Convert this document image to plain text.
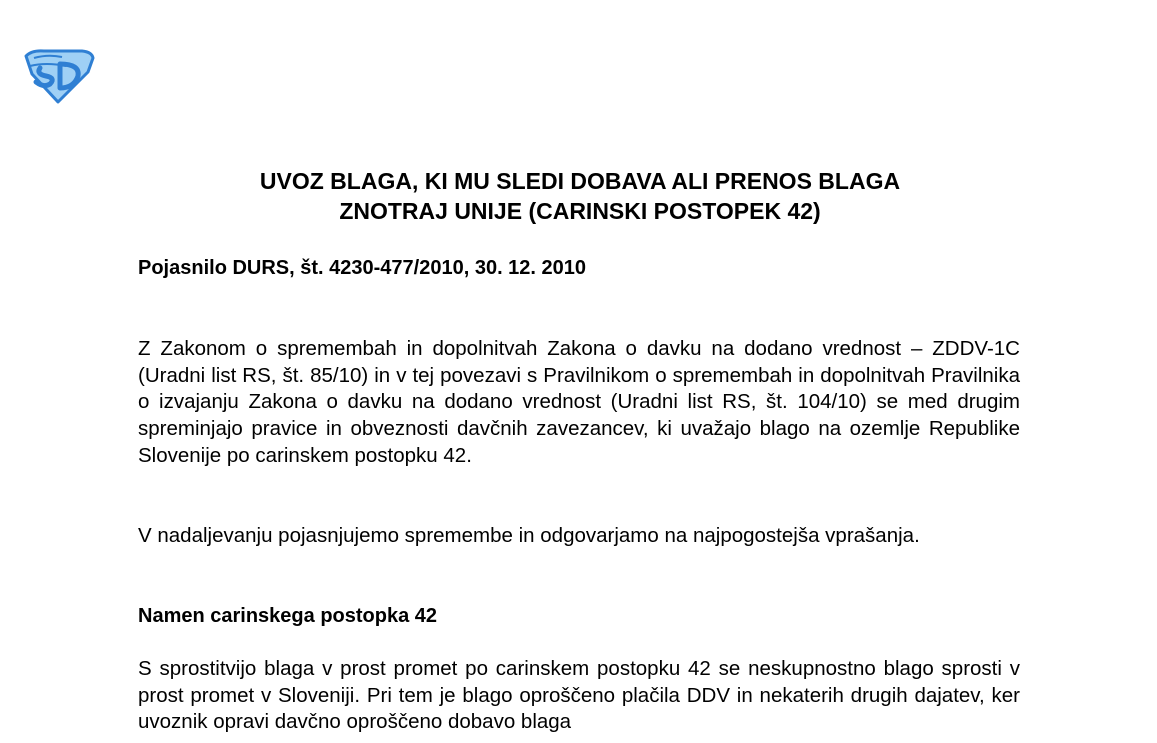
UVOZ BLAGA, KI MU SLEDI DOBAVA ALI PRENOS BLAGA
ZNOTRAJ UNIJE (CARINSKI POSTOPEK 42)
Pojasnilo DURS, št. 4230-477/2010, 30. 12. 2010

Z Zakonom o spremembah in dopolnitvah Zakona o davku na dodano vrednost – ZDDV-1C (Uradni list RS, št. 85/10) in v tej povezavi s Pravilnikom o spremembah in dopolnitvah Pravilnika o izvajanju Zakona o davku na dodano vrednost (Uradni list RS, št. 104/10) se med drugim spreminjajo pravice in obveznosti davčnih zavezancev, ki uvažajo blago na ozemlje Republike Slovenije po carinskem postopku 42.

V nadaljevanju pojasnjujemo spremembe in odgovarjamo na najpogostejša vprašanja.

Namen carinskega postopka 42

S sprostitvijo blaga v prost promet po carinskem postopku 42 se neskupnostno blago sprosti v prost promet v Sloveniji. Pri tem je blago oproščeno plačila DDV in nekaterih drugih dajatev, ker uvoznik opravi davčno oproščeno dobavo blaga
